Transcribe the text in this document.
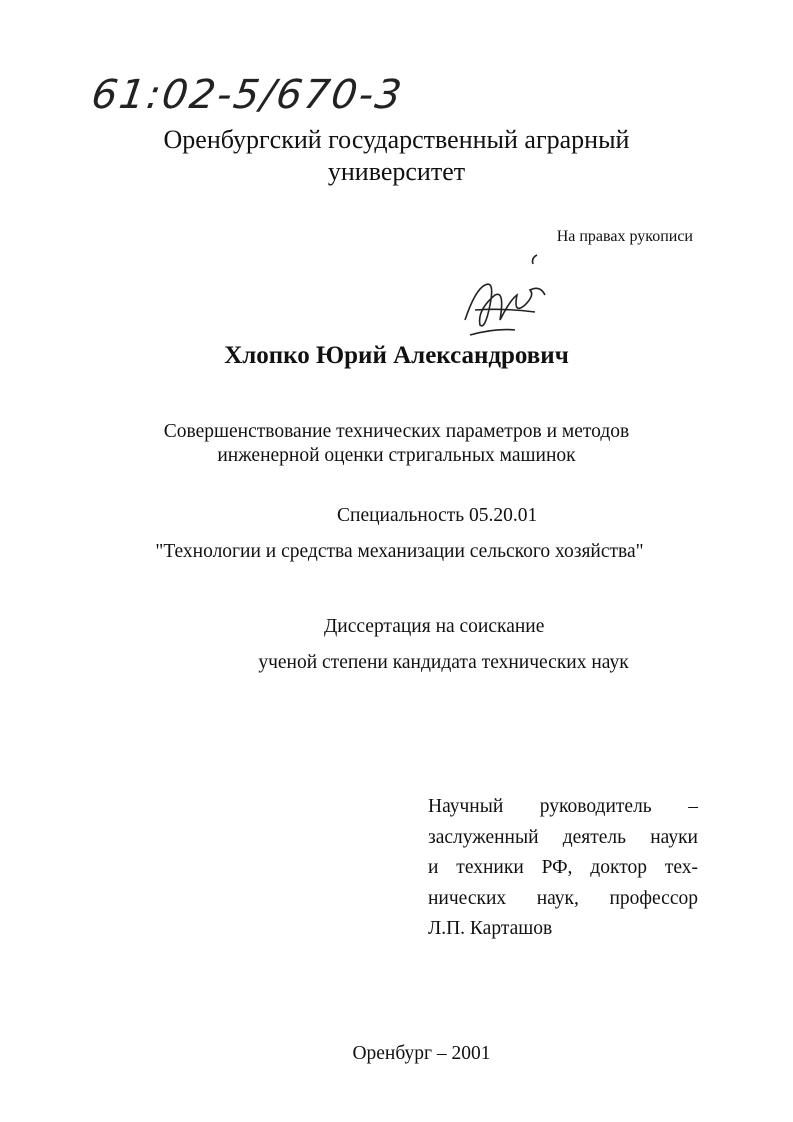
61:02-5/670-3
Оренбургский государственный аграрный
университет
На правах рукописи
Хлопко Юрий Александрович
Совершенствование технических параметров и методов
инженерной оценки стригальных машинок
Специальность 05.20.01
"Технологии и средства механизации сельского хозяйства"
Диссертация на соискание
ученой степени кандидата технических наук
Научный руководитель –
заслуженный деятель науки
и техники РФ, доктор тех-
нических наук, профессор
Л.П. Карташов
Оренбург – 2001
